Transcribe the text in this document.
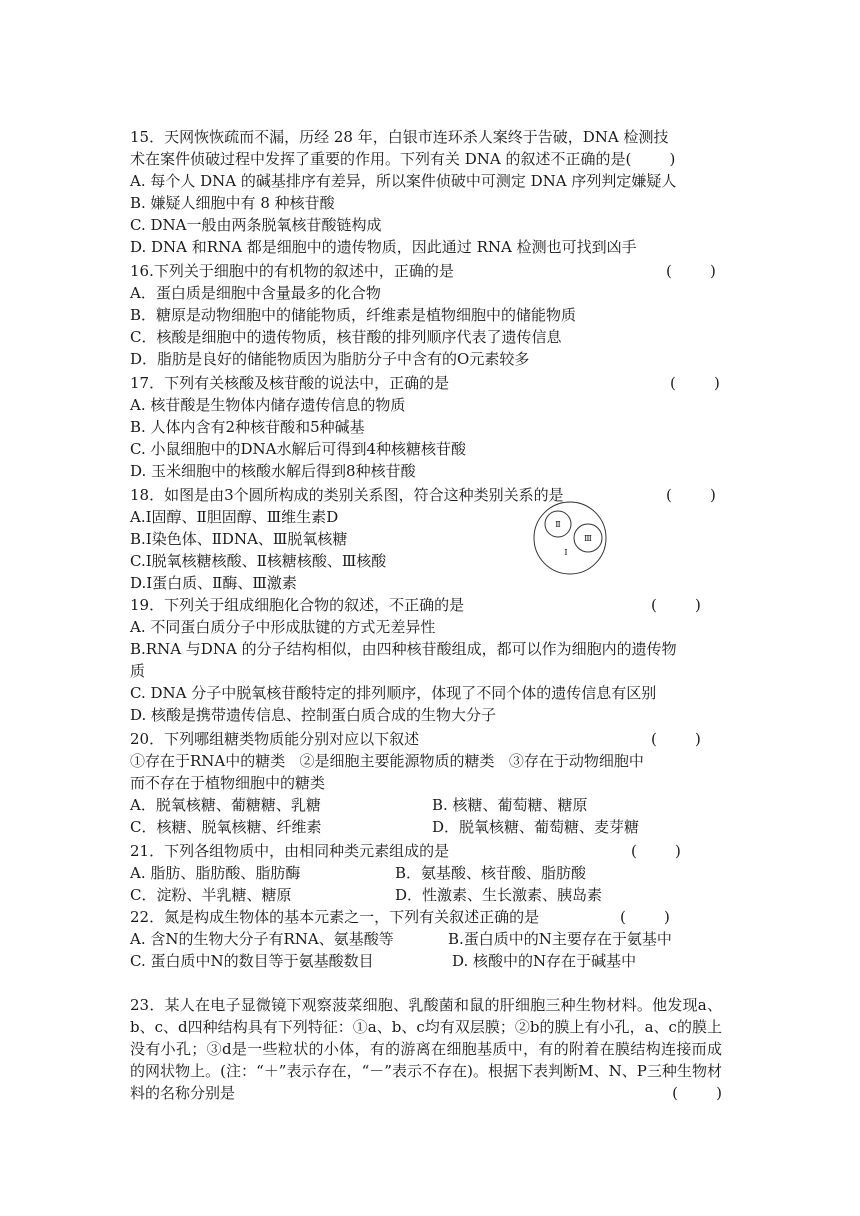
15．天网恢恢疏而不漏，历经 28 年，白银市连环杀人案终于告破，DNA 检测技
术在案件侦破过程中发挥了重要的作用。下列有关 DNA 的叙述不正确的是(        )
A. 每个人 DNA 的碱基排序有差异，所以案件侦破中可测定 DNA 序列判定嫌疑人
B. 嫌疑人细胞中有 8 种核苷酸
C. DNA一般由两条脱氧核苷酸链构成
D. DNA 和RNA 都是细胞中的遗传物质，因此通过 RNA 检测也可找到凶手
16.下列关于细胞中的有机物的叙述中，正确的是	(        )
A．蛋白质是细胞中含量最多的化合物
B．糖原是动物细胞中的储能物质，纤维素是植物细胞中的储能物质
C．核酸是细胞中的遗传物质，核苷酸的排列顺序代表了遗传信息
D．脂肪是良好的储能物质因为脂肪分子中含有的O元素较多
17．下列有关核酸及核苷酸的说法中，正确的是	(        )
A. 核苷酸是生物体内储存遗传信息的物质
B. 人体内含有2种核苷酸和5种碱基
C. 小鼠细胞中的DNA水解后可得到4种核糖核苷酸
D. 玉米细胞中的核酸水解后得到8种核苷酸
18．如图是由3个圆所构成的类别关系图，符合这种类别关系的是	(        )
A.Ⅰ固醇、Ⅱ胆固醇、Ⅲ维生素D
B.Ⅰ染色体、ⅡDNA、Ⅲ脱氧核糖
C.Ⅰ脱氧核糖核酸、Ⅱ核糖核酸、Ⅲ核酸
D.Ⅰ蛋白质、Ⅱ酶、Ⅲ激素
Ⅱ
Ⅲ
Ⅰ
19．下列关于组成细胞化合物的叙述，不正确的是	(        )
A. 不同蛋白质分子中形成肽键的方式无差异性
B.RNA 与DNA 的分子结构相似，由四种核苷酸组成，都可以作为细胞内的遗传物
质
C. DNA 分子中脱氧核苷酸特定的排列顺序，体现了不同个体的遗传信息有区别
D. 核酸是携带遗传信息、控制蛋白质合成的生物大分子
20．下列哪组糖类物质能分别对应以下叙述	(        )
①存在于RNA中的糖类   ②是细胞主要能源物质的糖类   ③存在于动物细胞中
而不存在于植物细胞中的糖类
A．脱氧核糖、葡糖糖、乳糖	B. 核糖、葡萄糖、糖原
C．核糖、脱氧核糖、纤维素	D．脱氧核糖、葡萄糖、麦芽糖
21．下列各组物质中，由相同种类元素组成的是	(        )
A. 脂肪、脂肪酸、脂肪酶	B．氨基酸、核苷酸、脂肪酸
C．淀粉、半乳糖、糖原	D．性激素、生长激素、胰岛素
22．氮是构成生物体的基本元素之一，下列有关叙述正确的是	(        )
A. 含N的生物大分子有RNA、氨基酸等	B.蛋白质中的N主要存在于氨基中
C. 蛋白质中N的数目等于氨基酸数目	D. 核酸中的N存在于碱基中
23．某人在电子显微镜下观察菠菜细胞、乳酸菌和鼠的肝细胞三种生物材料。他发现a、b、c、d四种结构具有下列特征：①a、b、c均有双层膜；②b的膜上有小孔，a、c的膜上没有小孔；③d是一些粒状的小体，有的游离在细胞基质中，有的附着在膜结构连接而成的网状物上。(注：“＋”表示存在，“－”表示不存在)。根据下表判断M、N、P三种生物材料的名称分别是	(        )
